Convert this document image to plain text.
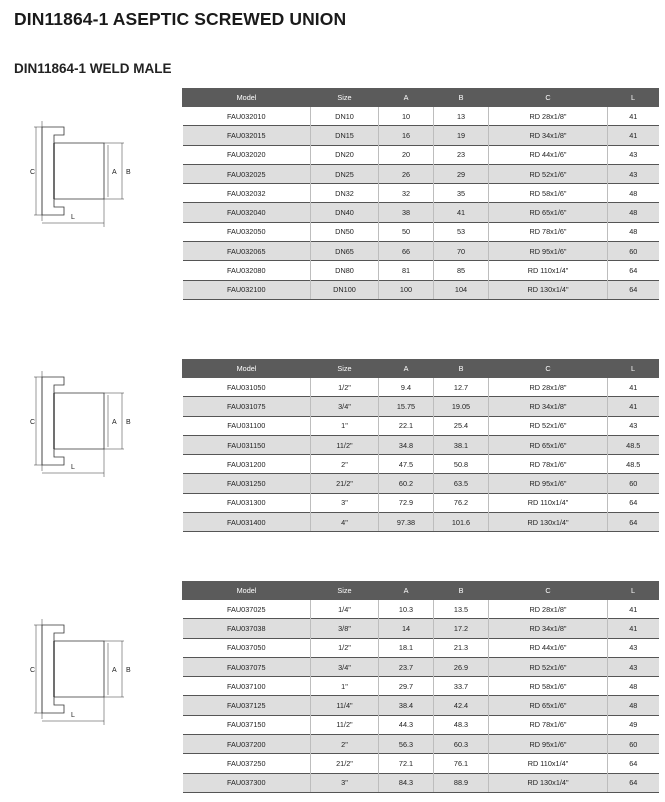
DIN11864-1 ASEPTIC SCREWED UNION
DIN11864-1 WELD MALE
C	A B
L
C	A B
L
C	A B
L
Model	Size	A	B	C	L
FAU032010	DN10	10	13	RD 28x1/8"	41
FAU032015	DN15	16	19	RD 34x1/8"	41
FAU032020	DN20	20	23	RD 44x1/6"	43
FAU032025	DN25	26	29	RD 52x1/6"	43
FAU032032	DN32	32	35	RD 58x1/6"	48
FAU032040	DN40	38	41	RD 65x1/6"	48
FAU032050	DN50	50	53	RD 78x1/6"	48
FAU032065	DN65	66	70	RD 95x1/6"	60
FAU032080	DN80	81	85	RD 110x1/4"	64
FAU032100	DN100	100	104	RD 130x1/4"	64
Model	Size	A	B	C	L
FAU031050	1/2"	9.4	12.7	RD 28x1/8"	41
FAU031075	3/4"	15.75	19.05	RD 34x1/8"	41
FAU031100	1"	22.1	25.4	RD 52x1/6"	43
FAU031150	11/2"	34.8	38.1	RD 65x1/6"	48.5
FAU031200	2"	47.5	50.8	RD 78x1/6"	48.5
FAU031250	21/2"	60.2	63.5	RD 95x1/6"	60
FAU031300	3"	72.9	76.2	RD 110x1/4"	64
FAU031400	4"	97.38	101.6	RD 130x1/4"	64
Model	Size	A	B	C	L
FAU037025	1/4"	10.3	13.5	RD 28x1/8"	41
FAU037038	3/8"	14	17.2	RD 34x1/8"	41
FAU037050	1/2"	18.1	21.3	RD 44x1/6"	43
FAU037075	3/4"	23.7	26.9	RD 52x1/6"	43
FAU037100	1"	29.7	33.7	RD 58x1/6"	48
FAU037125	11/4"	38.4	42.4	RD 65x1/6"	48
FAU037150	11/2"	44.3	48.3	RD 78x1/6"	49
FAU037200	2"	56.3	60.3	RD 95x1/6"	60
FAU037250	21/2"	72.1	76.1	RD 110x1/4"	64
FAU037300	3"	84.3	88.9	RD 130x1/4"	64
